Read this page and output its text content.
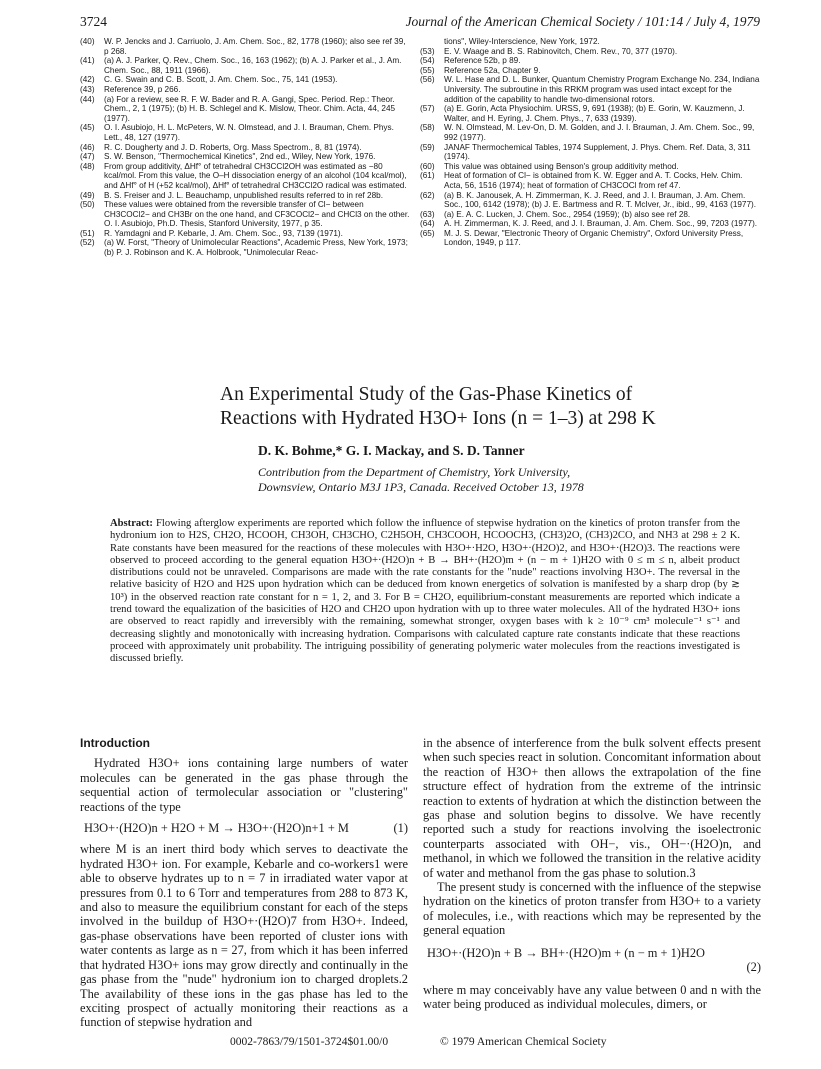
3724	Journal of the American Chemical Society / 101:14 / July 4, 1979
(40)	W. P. Jencks and J. Carriuolo, J. Am. Chem. Soc., 82, 1778 (1960); also see ref 39, p 268.
(41)	(a) A. J. Parker, Q. Rev., Chem. Soc., 16, 163 (1962); (b) A. J. Parker et al., J. Am. Chem. Soc., 88, 1911 (1966).
(42)	C. G. Swain and C. B. Scott, J. Am. Chem. Soc., 75, 141 (1953).
(43)	Reference 39, p 266.
(44)	(a) For a review, see R. F. W. Bader and R. A. Gangi, Spec. Period. Rep.: Theor. Chem., 2, 1 (1975); (b) H. B. Schlegel and K. Mislow, Theor. Chim. Acta, 44, 245 (1977).
(45)	O. I. Asubiojo, H. L. McPeters, W. N. Olmstead, and J. I. Brauman, Chem. Phys. Lett., 48, 127 (1977).
(46)	R. C. Dougherty and J. D. Roberts, Org. Mass Spectrom., 8, 81 (1974).
(47)	S. W. Benson, "Thermochemical Kinetics", 2nd ed., Wiley, New York, 1976.
(48)	From group additivity, ΔHf° of tetrahedral CH3CCl2OH was estimated as −80 kcal/mol. From this value, the O–H dissociation energy of an alcohol (104 kcal/mol), and ΔHf° of H (+52 kcal/mol), ΔHf° of tetrahedral CH3CCl2O radical was estimated.
(49)	B. S. Freiser and J. L. Beauchamp, unpublished results referred to in ref 28b.
(50)	These values were obtained from the reversible transfer of Cl− between CH3COCl2− and CH3Br on the one hand, and CF3COCl2− and CHCl3 on the other. O. I. Asubiojo, Ph.D. Thesis, Stanford University, 1977, p 35.
(51)	R. Yamdagni and P. Kebarle, J. Am. Chem. Soc., 93, 7139 (1971).
(52)	(a) W. Forst, "Theory of Unimolecular Reactions", Academic Press, New York, 1973; (b) P. J. Robinson and K. A. Holbrook, "Unimolecular Reac-
tions", Wiley-Interscience, New York, 1972.
(53)	E. V. Waage and B. S. Rabinovitch, Chem. Rev., 70, 377 (1970).
(54)	Reference 52b, p 89.
(55)	Reference 52a, Chapter 9.
(56)	W. L. Hase and D. L. Bunker, Quantum Chemistry Program Exchange No. 234, Indiana University. The subroutine in this RRKM program was used intact except for the addition of the capability to handle two-dimensional rotors.
(57)	(a) E. Gorin, Acta Physiochim. URSS, 9, 691 (1938); (b) E. Gorin, W. Kauzmenn, J. Walter, and H. Eyring, J. Chem. Phys., 7, 633 (1939).
(58)	W. N. Olmstead, M. Lev-On, D. M. Golden, and J. I. Brauman, J. Am. Chem. Soc., 99, 992 (1977).
(59)	JANAF Thermochemical Tables, 1974 Supplement, J. Phys. Chem. Ref. Data, 3, 311 (1974).
(60)	This value was obtained using Benson's group additivity method.
(61)	Heat of formation of Cl− is obtained from K. W. Egger and A. T. Cocks, Helv. Chim. Acta, 56, 1516 (1974); heat of formation of CH3COCl from ref 47.
(62)	(a) B. K. Janousek, A. H. Zimmerman, K. J. Reed, and J. I. Brauman, J. Am. Chem. Soc., 100, 6142 (1978); (b) J. E. Bartmess and R. T. McIver, Jr., ibid., 99, 4163 (1977).
(63)	(a) E. A. C. Lucken, J. Chem. Soc., 2954 (1959); (b) also see ref 28.
(64)	A. H. Zimmerman, K. J. Reed, and J. I. Brauman, J. Am. Chem. Soc., 99, 7203 (1977).
(65)	M. J. S. Dewar, "Electronic Theory of Organic Chemistry", Oxford University Press, London, 1949, p 117.
An Experimental Study of the Gas-Phase Kinetics of
Reactions with Hydrated H3O+ Ions (n = 1–3) at 298 K
D. K. Bohme,* G. I. Mackay, and S. D. Tanner
Contribution from the Department of Chemistry, York University,
Downsview, Ontario M3J 1P3, Canada. Received October 13, 1978
Abstract: Flowing afterglow experiments are reported which follow the influence of stepwise hydration on the kinetics of proton transfer from the hydronium ion to H2S, CH2O, HCOOH, CH3OH, CH3CHO, C2H5OH, CH3COOH, HCOOCH3, (CH3)2O, (CH3)2CO, and NH3 at 298 ± 2 K. Rate constants have been measured for the reactions of these molecules with H3O+·H2O, H3O+·(H2O)2, and H3O+·(H2O)3. The reactions were observed to proceed according to the general equation H3O+·(H2O)n + B → BH+·(H2O)m + (n − m + 1)H2O with 0 ≤ m ≤ n, albeit product distributions could not be unraveled. Comparisons are made with the rate constants for the "nude" reactions involving H3O+. The reversal in the relative basicity of H2O and H2S upon hydration which can be deduced from known energetics of solvation is manifested by a sharp drop (by ≳ 10³) in the observed reaction rate constant for n = 1, 2, and 3. For B = CH2O, equilibrium-constant measurements are reported which indicate a trend toward the equalization of the basicities of H2O and CH2O upon hydration with up to three water molecules. All of the hydrated H3O+ ions are observed to react rapidly and irreversibly with the remaining, somewhat stronger, oxygen bases with k ≥ 10⁻⁹ cm³ molecule⁻¹ s⁻¹ and decreasing slightly and monotonically with increasing hydration. Comparisons with calculated capture rate constants indicate that these reactions proceed with approximately unit probability. The intriguing possibility of generating polymeric water molecules from the reactions investigated is discussed briefly.
Introduction

Hydrated H3O+ ions containing large numbers of water molecules can be generated in the gas phase through the sequential action of termolecular association or "clustering" reactions of the type

H3O+·(H2O)n + H2O + M → H3O+·(H2O)n+1 + M	(1)

where M is an inert third body which serves to deactivate the hydrated H3O+ ion. For example, Kebarle and co-workers1 were able to observe hydrates up to n = 7 in irradiated water vapor at pressures from 0.1 to 6 Torr and temperatures from 288 to 873 K, and also to measure the equilibrium constant for each of the steps involved in the buildup of H3O+·(H2O)7 from H3O+. Indeed, gas-phase observations have been reported of cluster ions with water contents as large as n = 27, from which it has been inferred that hydrated H3O+ ions may grow directly and continually in the gas phase from the "nude" hydronium ion to charged droplets.2 The availability of these ions in the gas phase has led to the exciting prospect of actually monitoring their reactions as a function of stepwise hydration and

in the absence of interference from the bulk solvent effects present when such species react in solution. Concomitant information about the reaction of H3O+ then allows the extrapolation of the fine structure effect of hydration from the extreme of the intrinsic reaction to extents of hydration at which the distinction between the gas phase and solution begins to dissolve. We have recently reported such a study for reactions involving the isoelectronic counterparts associated with OH−, vis., OH−·(H2O)n, and methanol, in which we followed the transition in the relative acidity of water and methanol from the gas phase to solution.3

The present study is concerned with the influence of the stepwise hydration on the kinetics of proton transfer from H3O+ to a variety of molecules, i.e., with reactions which may be represented by the general equation

H3O+·(H2O)n + B → BH+·(H2O)m + (n − m + 1)H2O
(2)

where m may conceivably have any value between 0 and n with the water being produced as individual molecules, dimers, or

0002-7863/79/1501-3724$01.00/0	© 1979 American Chemical Society
